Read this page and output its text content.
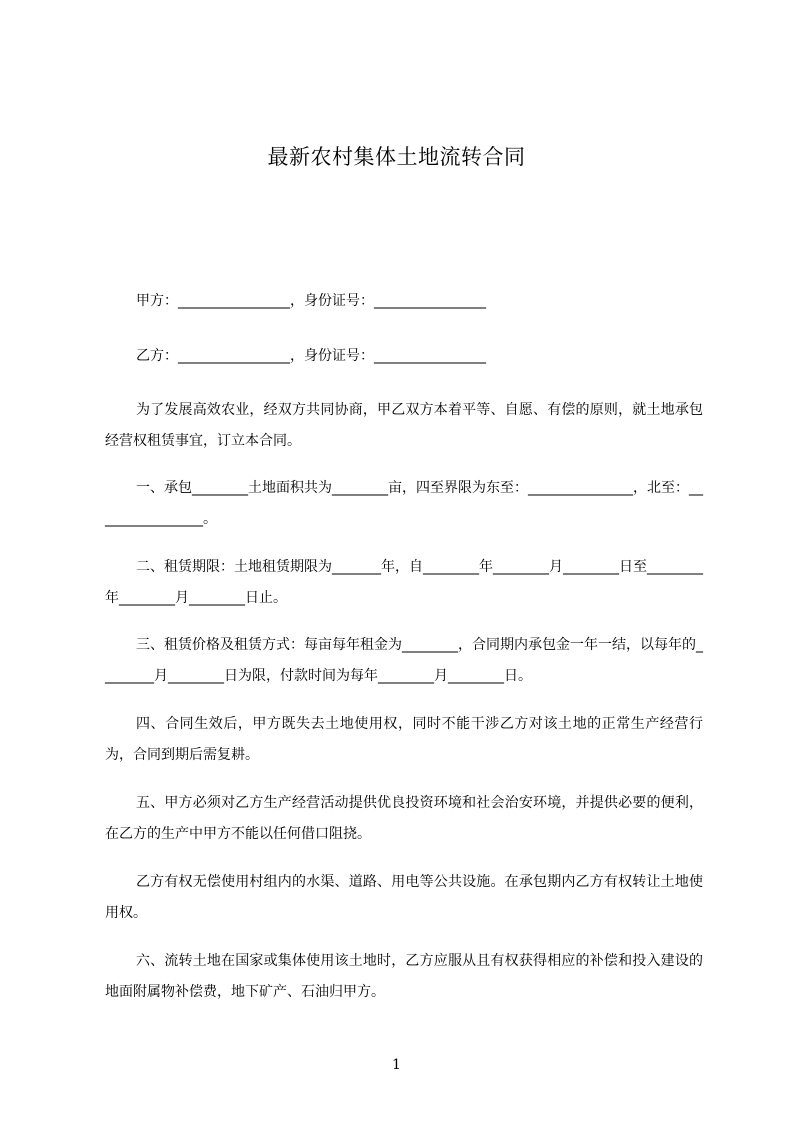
最新农村集体土地流转合同
甲方：________________，身份证号：________________
乙方：________________，身份证号：________________
为了发展高效农业，经双方共同协商，甲乙双方本着平等、自愿、有偿的原则，就土地承包经营权租赁事宜，订立本合同。
一、承包________土地面积共为________亩，四至界限为东至：_______________，北至：________________。
二、租赁期限：土地租赁期限为_______年，自________年________月________日至________年________月________日止。
三、租赁价格及租赁方式：每亩每年租金为________，合同期内承包金一年一结，以每年的________月________日为限，付款时间为每年________月________日。
四、合同生效后，甲方既失去土地使用权，同时不能干涉乙方对该土地的正常生产经营行为，合同到期后需复耕。
五、甲方必须对乙方生产经营活动提供优良投资环境和社会治安环境，并提供必要的便利，在乙方的生产中甲方不能以任何借口阻挠。
乙方有权无偿使用村组内的水渠、道路、用电等公共设施。在承包期内乙方有权转让土地使用权。
六、流转土地在国家或集体使用该土地时，乙方应服从且有权获得相应的补偿和投入建设的地面附属物补偿费，地下矿产、石油归甲方。
1
